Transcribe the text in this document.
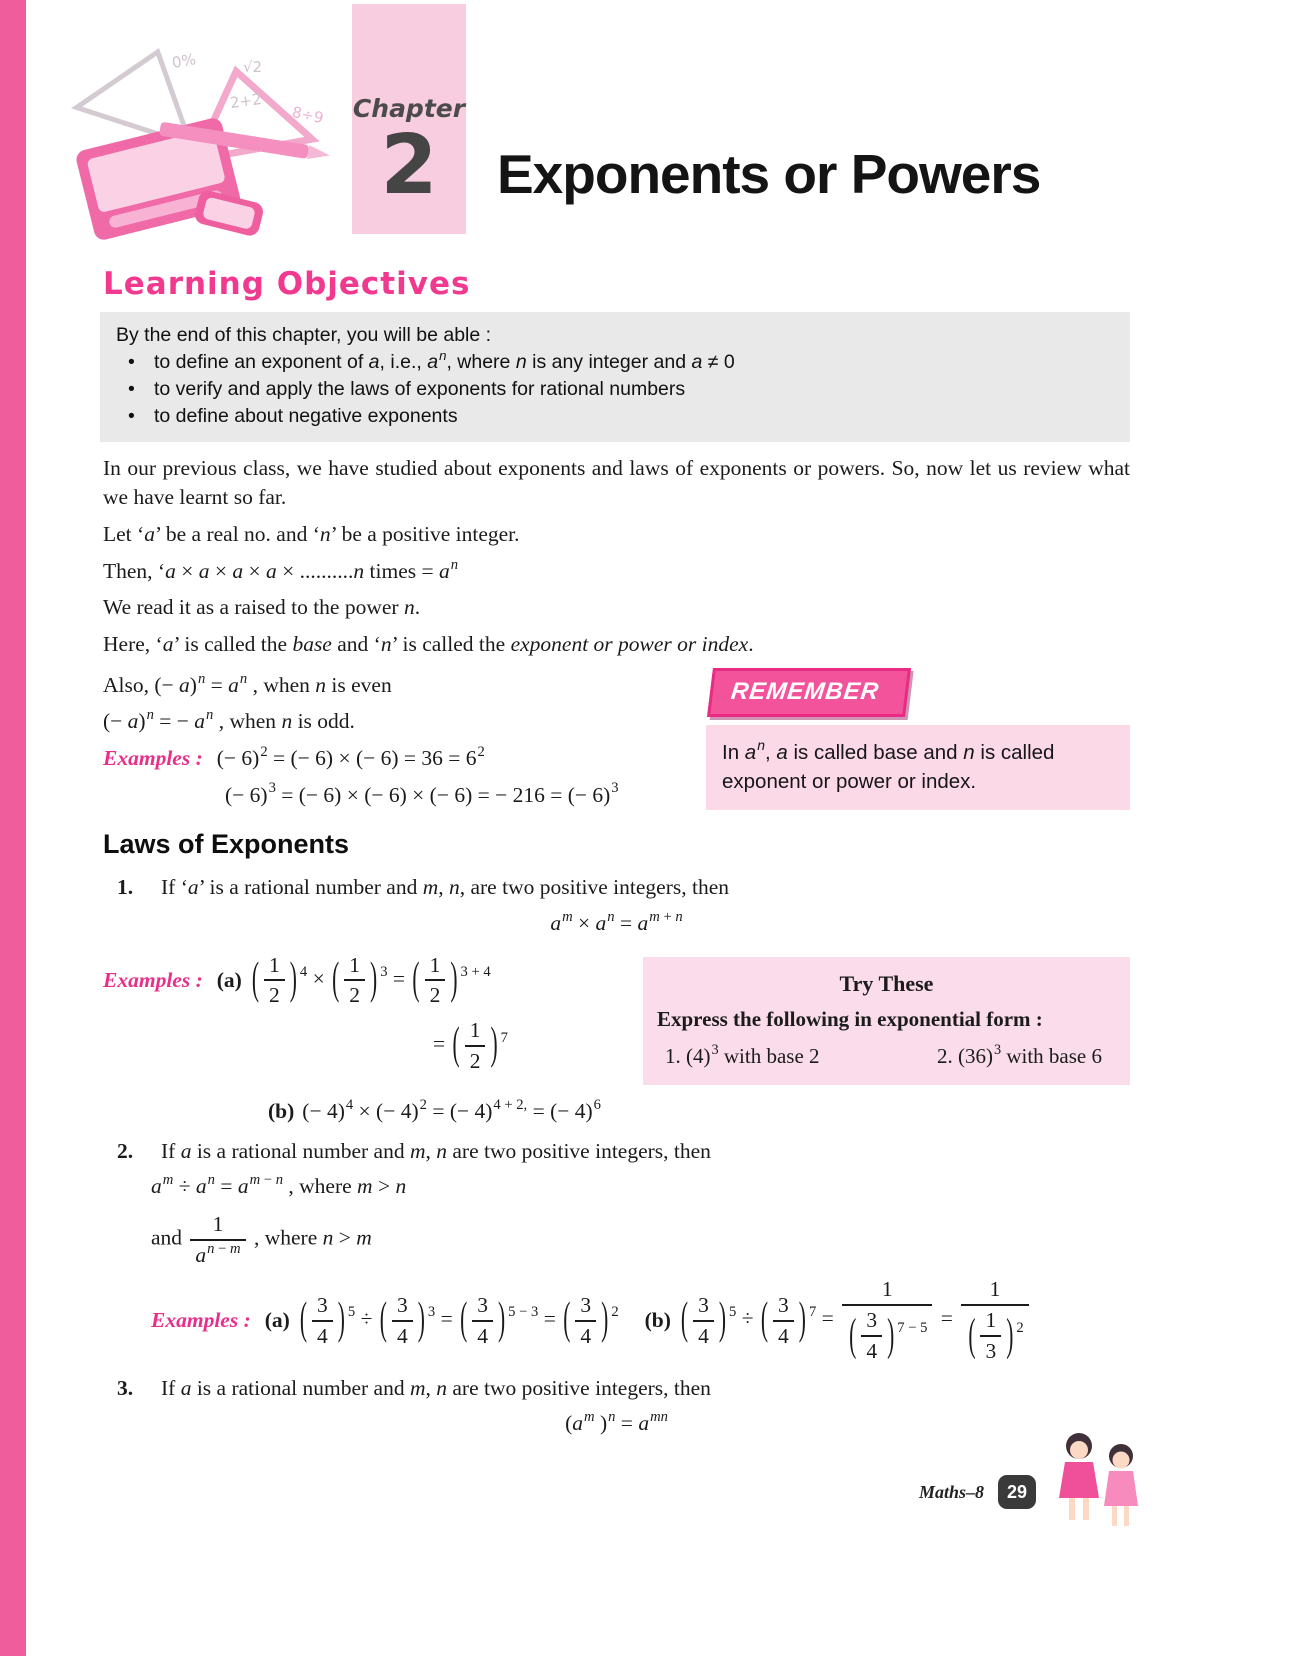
0%	√2
2+2
8÷9 Chapter
2	Exponents or Powers
Learning Objectives
By the end of this chapter, you will be able :
• to define an exponent of a, i.e., $a^n$, where n is any integer and a ≠ 0
• to verify and apply the laws of exponents for rational numbers
• to define about negative exponents
In our previous class, we have studied about exponents and laws of exponents or powers. So, now let us review what we have learnt so far.
Let ‘a’ be a real no. and ‘n’ be a positive integer.
Then, ‘a × a × a × a × ..........n times = $a^n$
We read it as a raised to the power n.
Here, ‘a’ is called the base and ‘n’ is called the exponent or power or index.
Also, (− $a)^n = a^n$ , when n is even
(− a)$^n$ = − $a^n$ , when n is odd.
Examples : (− 6)$^2$ = (− 6) × (− $6) = 36 = 6^2$
(− 6)$^3$ = (− 6) × (− 6) × (− 6) = − 216 = (− 6)$^3$
REMEMBER
In $a^n$, a is called base and n is called exponent or power or index.
Laws of Exponents
1.	If ‘a’ is a rational number and m, n, are two positive integers, then
$a^m \times a^n = a^{m + n}$
Examples : (a) ( $\frac{1}{2}$ ) $^4$ × ( $\frac{1}{2}$ ) $^3$ = ( $\frac{1}{2}$ ) $^{3 + 4}$
= ( $\frac{1}{2}$ ) $^7$
Try These
Express the following in exponential form :
1. $(4)^3$ with base 2	2. $(36)^3$ with base 6
(b) (− 4)$^4$ × (− 4)$^2$ = (− 4)$^{4 + 2,}$ = (− 4)$^6$
2.	If a is a rational number and m, n are two positive integers, then
$a^m \div a^n = a^{m - n}$ , where m > n
and $\frac{1}{a^{n - m}}$ , where n > m
Examples : (a) ( $\frac{3}{4}$ ) $^5$ ÷ ( $\frac{3}{4}$ ) $^3$ = ( $\frac{3}{4}$ ) $^{5 - 3}$ = ( $\frac{3}{4}$ ) $^2$ (b) ( $\frac{3}{4}$ ) $^5$ ÷ ( $\frac{3}{4}$ ) $^7 = \frac{1}{( \frac{3}{4} ) ^{7 - 5}} = \frac{1}{( \frac{1}{3} ) ^2}$
3.	If a is a rational number and m, n are two positive integers, then
($a^m$ )$^n = a^{mn}$
Maths–8	29
